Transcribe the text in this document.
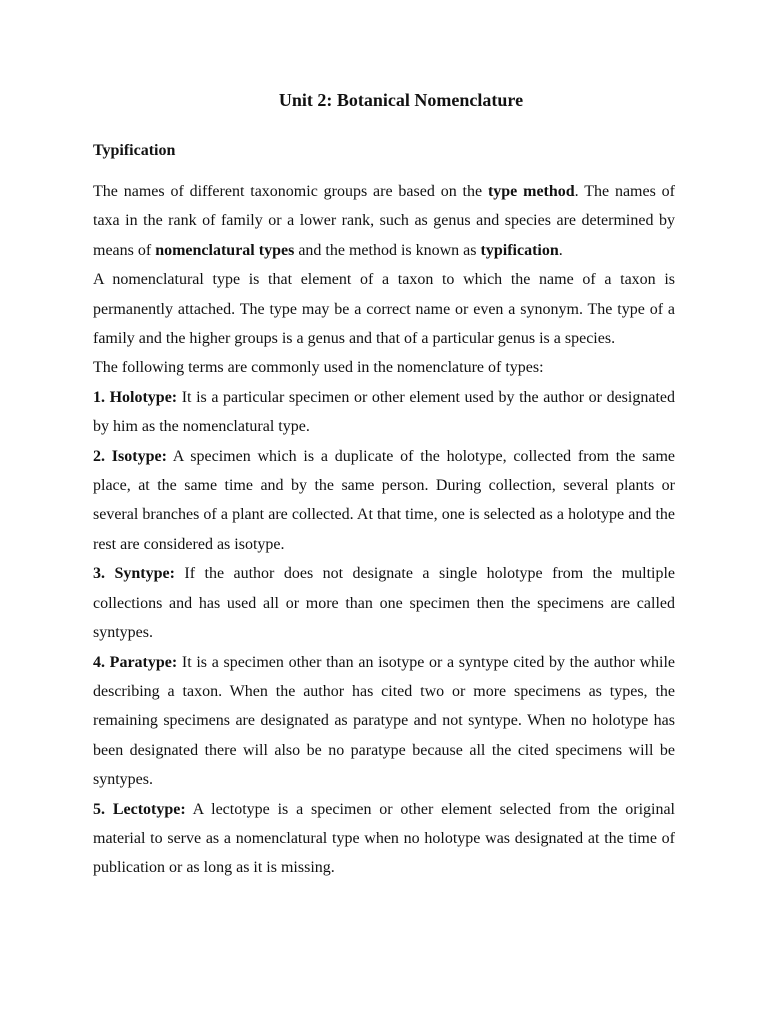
Unit 2: Botanical Nomenclature
Typification

The names of different taxonomic groups are based on the type method. The names of taxa in the rank of family or a lower rank, such as genus and species are determined by means of nomenclatural types and the method is known as typification.

A nomenclatural type is that element of a taxon to which the name of a taxon is permanently attached. The type may be a correct name or even a synonym. The type of a family and the higher groups is a genus and that of a particular genus is a species.

The following terms are commonly used in the nomenclature of types:

1. Holotype: It is a particular specimen or other element used by the author or designated by him as the nomenclatural type.

2. Isotype: A specimen which is a duplicate of the holotype, collected from the same place, at the same time and by the same person. During collection, several plants or several branches of a plant are collected. At that time, one is selected as a holotype and the rest are considered as isotype.

3. Syntype: If the author does not designate a single holotype from the multiple collections and has used all or more than one specimen then the specimens are called syntypes.

4. Paratype: It is a specimen other than an isotype or a syntype cited by the author while describing a taxon. When the author has cited two or more specimens as types, the remaining specimens are designated as paratype and not syntype. When no holotype has been designated there will also be no paratype because all the cited specimens will be syntypes.

5. Lectotype: A lectotype is a specimen or other element selected from the original material to serve as a nomenclatural type when no holotype was designated at the time of publication or as long as it is missing.
